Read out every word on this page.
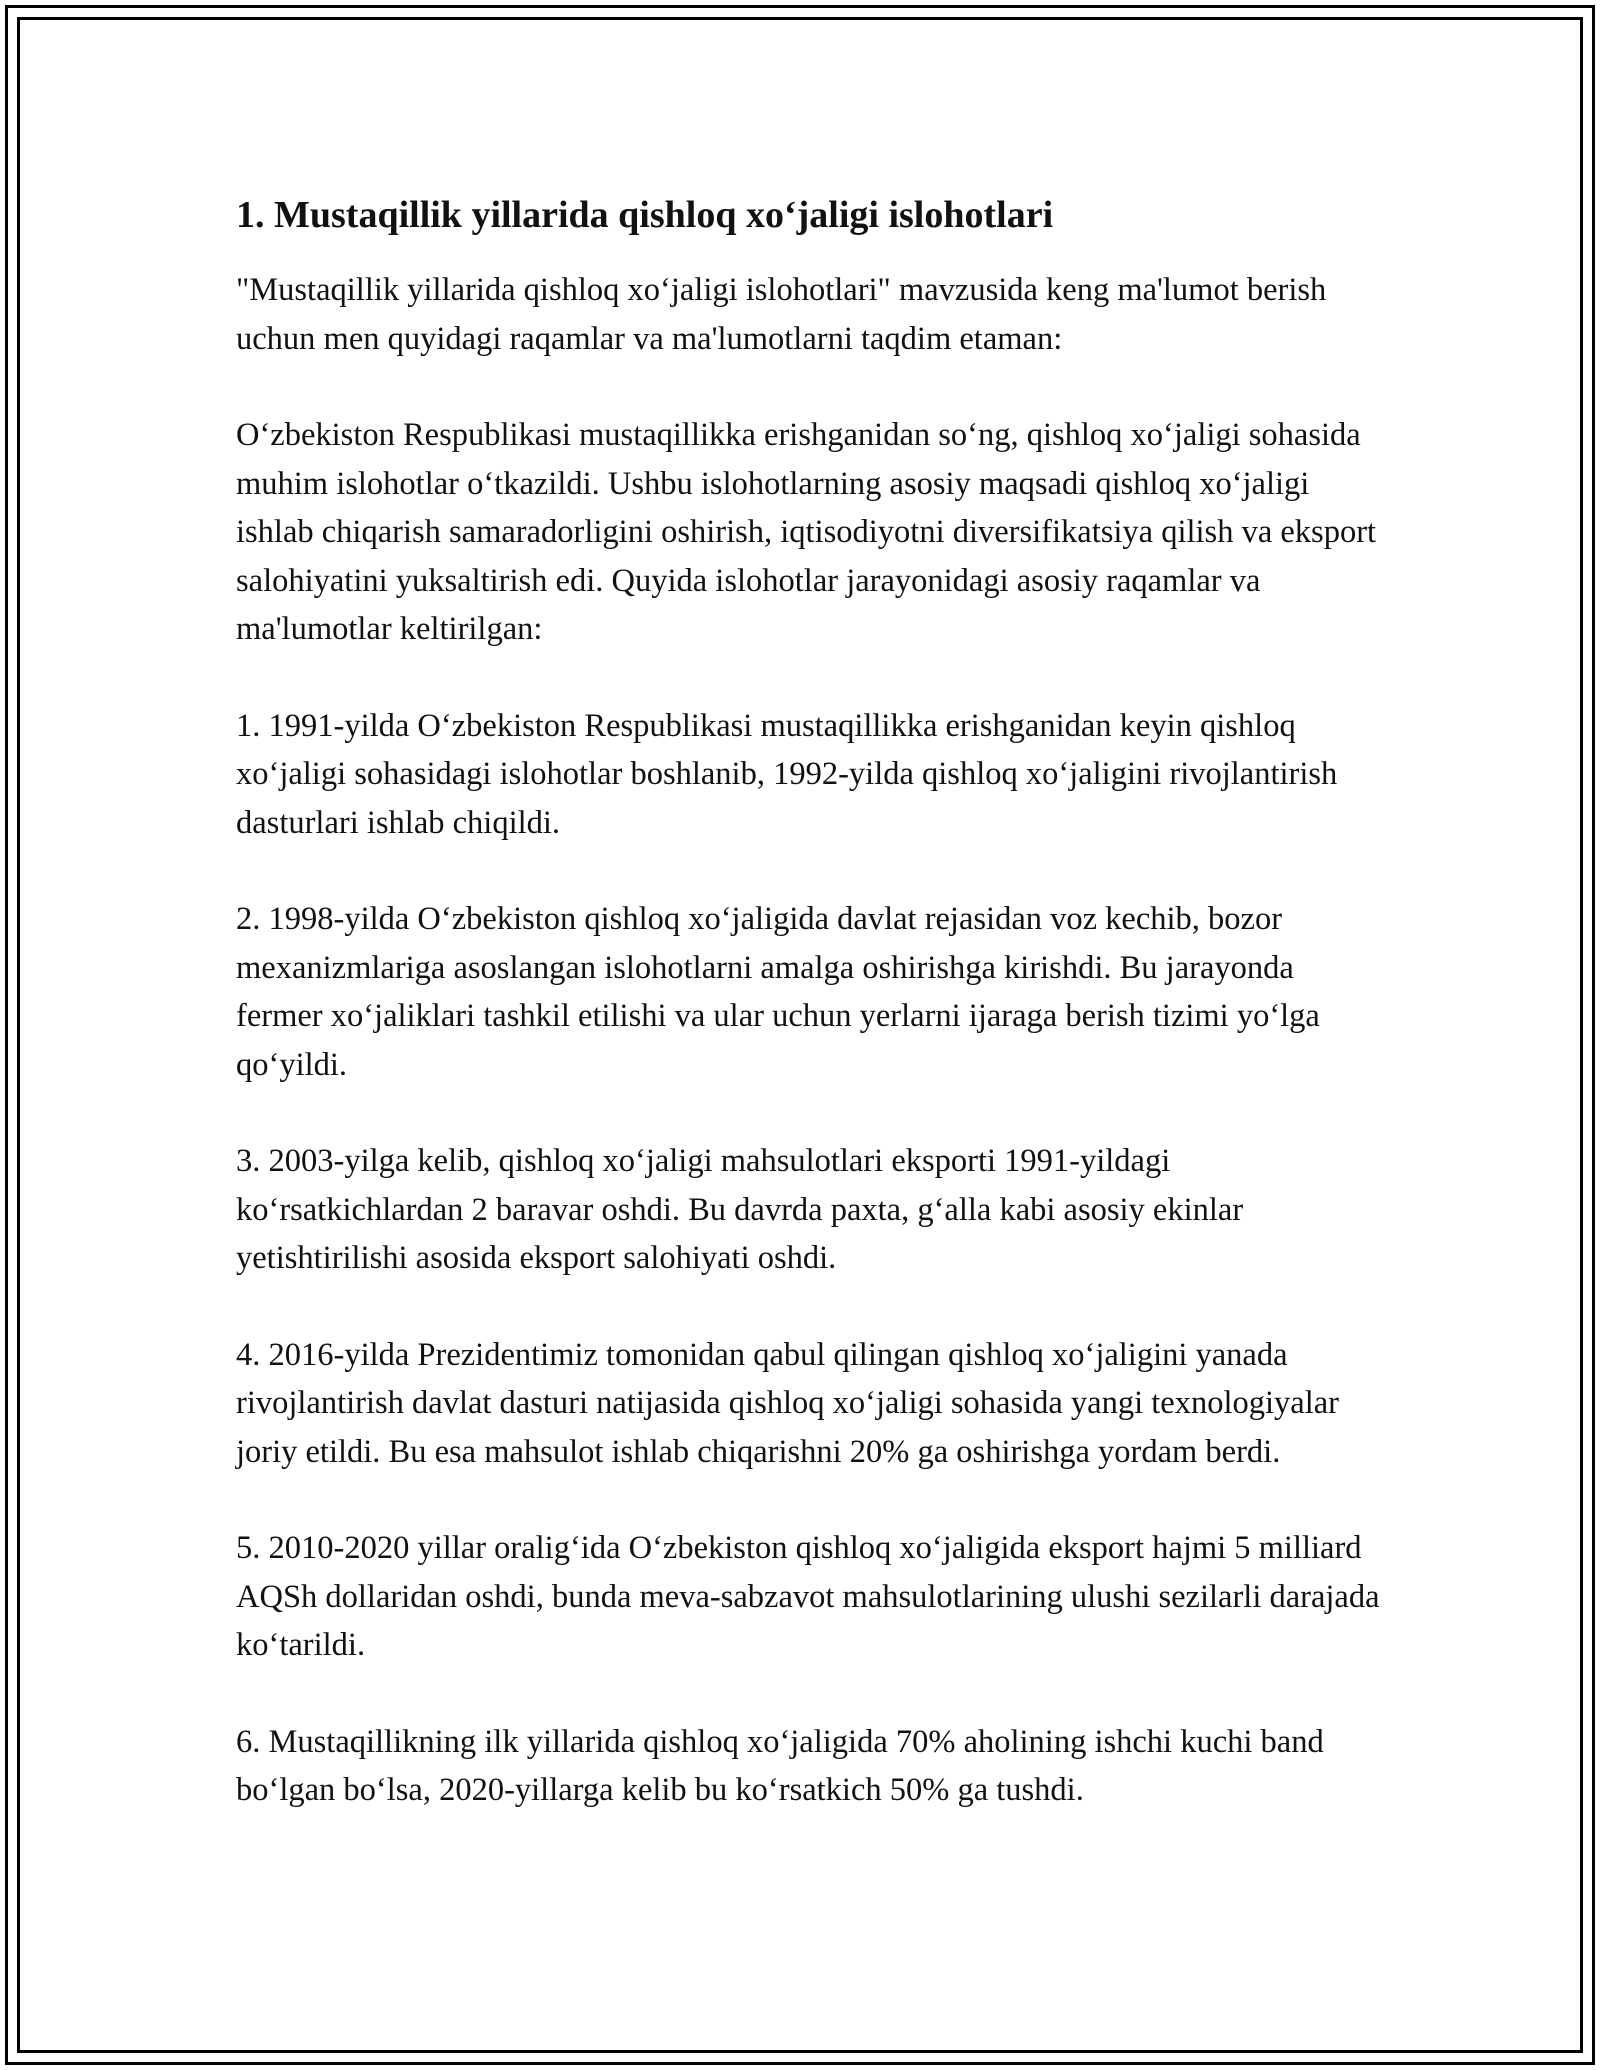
1. Mustaqillik yillarida qishloq xo‘jaligi islohotlari

"Mustaqillik yillarida qishloq xo‘jaligi islohotlari" mavzusida keng ma'lumot berish uchun men quyidagi raqamlar va ma'lumotlarni taqdim etaman:

O‘zbekiston Respublikasi mustaqillikka erishganidan so‘ng, qishloq xo‘jaligi sohasida muhim islohotlar o‘tkazildi. Ushbu islohotlarning asosiy maqsadi qishloq xo‘jaligi ishlab chiqarish samaradorligini oshirish, iqtisodiyotni diversifikatsiya qilish va eksport salohiyatini yuksaltirish edi. Quyida islohotlar jarayonidagi asosiy raqamlar va ma'lumotlar keltirilgan:

1. 1991-yilda O‘zbekiston Respublikasi mustaqillikka erishganidan keyin qishloq xo‘jaligi sohasidagi islohotlar boshlanib, 1992-yilda qishloq xo‘jaligini rivojlantirish dasturlari ishlab chiqildi.

2. 1998-yilda O‘zbekiston qishloq xo‘jaligida davlat rejasidan voz kechib, bozor mexanizmlariga asoslangan islohotlarni amalga oshirishga kirishdi. Bu jarayonda fermer xo‘jaliklari tashkil etilishi va ular uchun yerlarni ijaraga berish tizimi yo‘lga qo‘yildi.

3. 2003-yilga kelib, qishloq xo‘jaligi mahsulotlari eksporti 1991-yildagi ko‘rsatkichlardan 2 baravar oshdi. Bu davrda paxta, g‘alla kabi asosiy ekinlar yetishtirilishi asosida eksport salohiyati oshdi.

4. 2016-yilda Prezidentimiz tomonidan qabul qilingan qishloq xo‘jaligini yanada rivojlantirish davlat dasturi natijasida qishloq xo‘jaligi sohasida yangi texnologiyalar joriy etildi. Bu esa mahsulot ishlab chiqarishni 20% ga oshirishga yordam berdi.

5. 2010-2020 yillar oralig‘ida O‘zbekiston qishloq xo‘jaligida eksport hajmi 5 milliard AQSh dollaridan oshdi, bunda meva-sabzavot mahsulotlarining ulushi sezilarli darajada ko‘tarildi.

6. Mustaqillikning ilk yillarida qishloq xo‘jaligida 70% aholining ishchi kuchi band bo‘lgan bo‘lsa, 2020-yillarga kelib bu ko‘rsatkich 50% ga tushdi.
